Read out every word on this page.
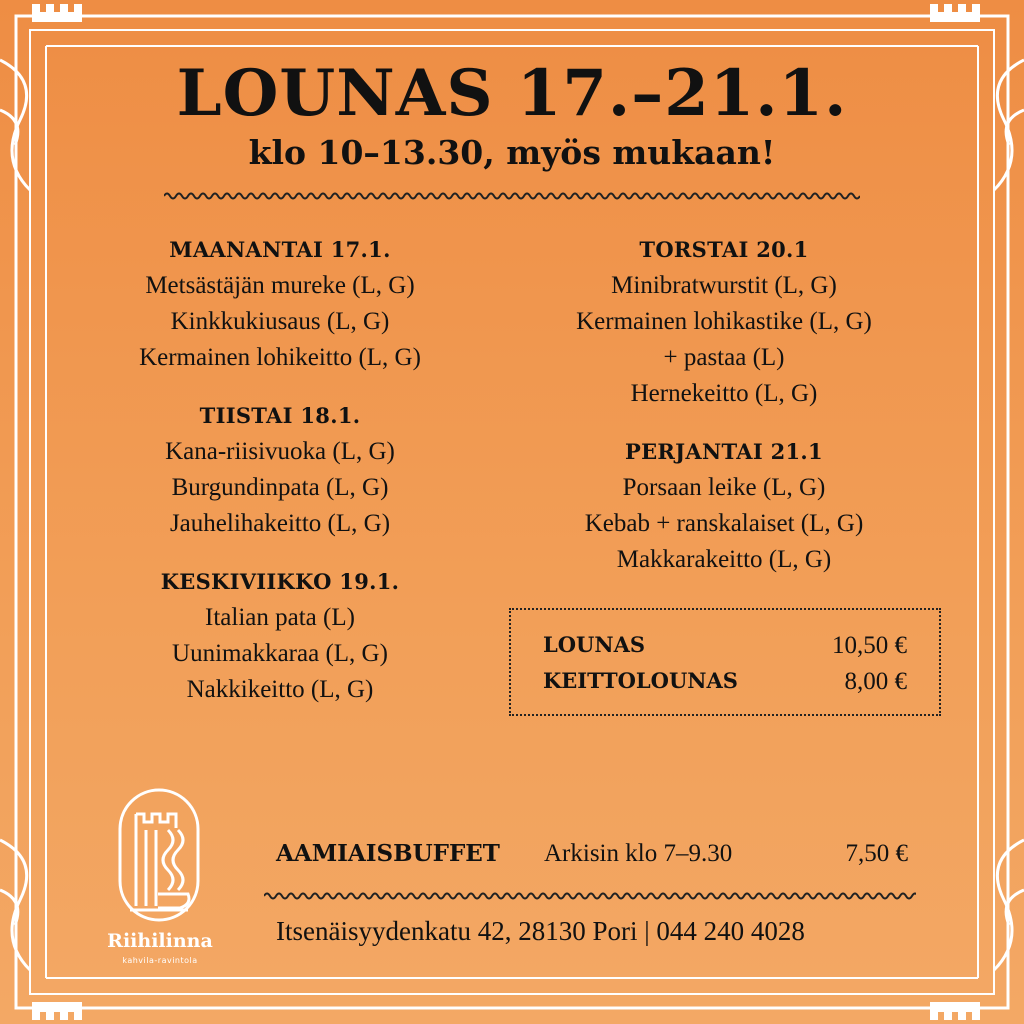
LOUNAS 17.–21.1.
klo 10–13.30, myös mukaan!
MAANANTAI 17.1.
Metsästäjän mureke (L, G)
Kinkkukiusaus (L, G)
Kermainen lohikeitto (L, G)
TIISTAI 18.1.
Kana-riisivuoka (L, G)
Burgundinpata (L, G)
Jauhelihakeitto (L, G)
KESKIVIIKKO 19.1.
Italian pata (L)
Uunimakkaraa (L, G)
Nakkikeitto (L, G)
TORSTAI 20.1
Minibratwurstit (L, G)
Kermainen lohikastike (L, G)
+ pastaa (L)
Hernekeitto (L, G)
PERJANTAI 21.1
Porsaan leike (L, G)
Kebab + ranskalaiset (L, G)
Makkarakeitto (L, G)
LOUNAS	10,50 €
KEITTOLOUNAS	8,00 €
Riihilinna
kahvila-ravintola
AAMIAISBUFFET Arkisin klo 7–9.30	7,50 €
Itsenäisyydenkatu 42, 28130 Pori | 044 240 4028
